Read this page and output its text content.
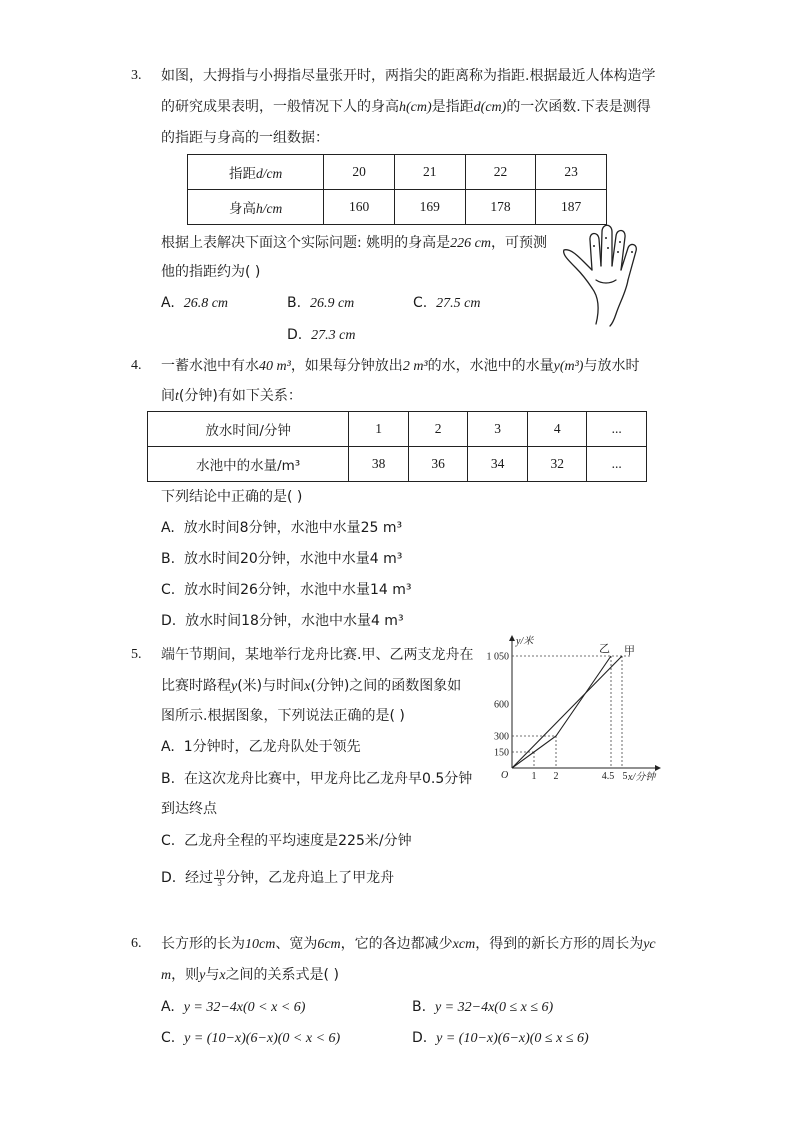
3. 如图，大拇指与小拇指尽量张开时，两指尖的距离称为指距.根据最近人体构造学
的研究成果表明，一般情况下人的身高h(cm)是指距d(cm)的一次函数.下表是测得
的指距与身高的一组数据：
指距d/cm	20	21	22	23
身高h/cm	160	169	178	187
根据上表解决下面这个实际问题: 姚明的身高是226 cm，可预测
他的指距约为( )
A. 26.8 cm	B. 26.9 cm	C. 27.5 cm
D. 27.3 cm
4. 一蓄水池中有水40 m³，如果每分钟放出2 m³的水，水池中的水量y(m³)与放水时
间t(分钟)有如下关系：
放水时间/分钟	1	2	3	4	...
水池中的水量/m³	38	36	34	32	...
下列结论中正确的是( )
A. 放水时间8分钟，水池中水量25 m³
B. 放水时间20分钟，水池中水量4 m³
C. 放水时间26分钟，水池中水量14 m³
D. 放水时间18分钟，水池中水量4 m³
5. 端午节期间，某地举行龙舟比赛.甲、乙两支龙舟在
比赛时路程y(米)与时间x(分钟)之间的函数图象如
图所示.根据图象，下列说法正确的是( )
A. 1分钟时，乙龙舟队处于领先
B. 在这次龙舟比赛中，甲龙舟比乙龙舟早0.5分钟
到达终点
C. 乙龙舟全程的平均速度是225米/分钟
D. 经过 $\frac{10}{3}$ 分钟，乙龙舟追上了甲龙舟
150
300
600
1 050
1 2	4.5 5
y/米
x/分钟
O
乙 甲
6. 长方形的长为10cm、宽为6cm，它的各边都减少xcm，得到的新长方形的周长为yc
m，则y与x之间的关系式是( )
A. y = 32−4x(0 < x < 6)	B. y = 32−4x(0 ≤ x ≤ 6)
C. y = (10−x)(6−x)(0 < x < 6)	D. y = (10−x)(6−x)(0 ≤ x ≤ 6)
